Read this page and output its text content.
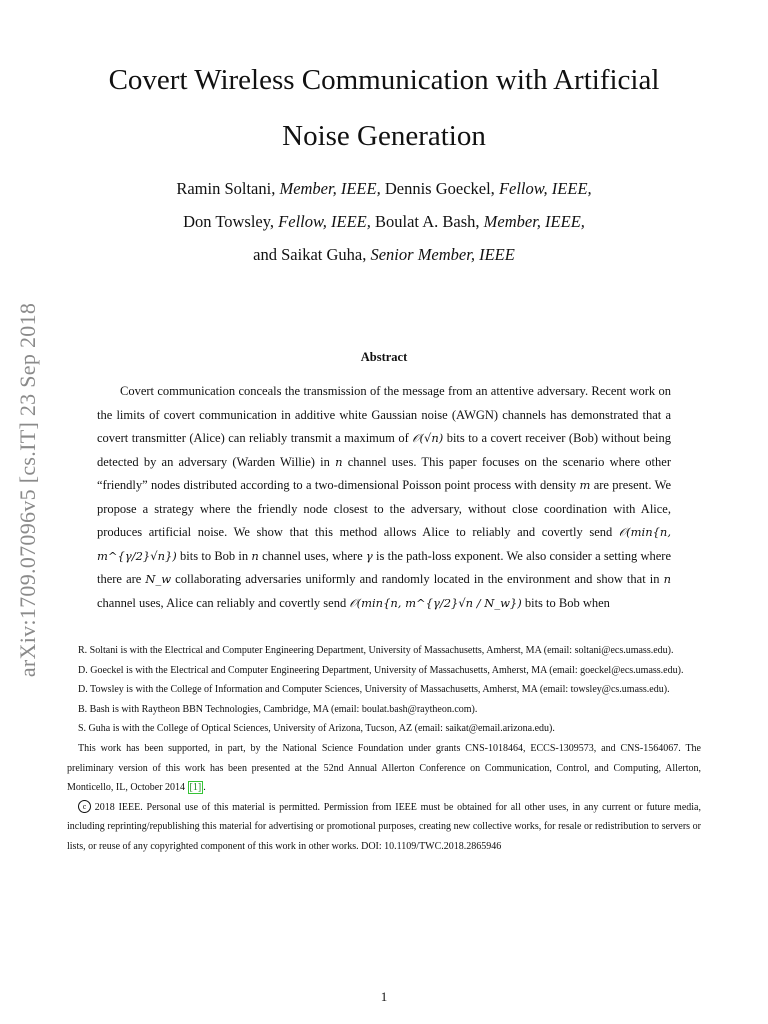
arXiv:1709.07096v5 [cs.IT] 23 Sep 2018
Covert Wireless Communication with Artificial
Noise Generation
Ramin Soltani, Member, IEEE, Dennis Goeckel, Fellow, IEEE,
Don Towsley, Fellow, IEEE, Boulat A. Bash, Member, IEEE,
and Saikat Guha, Senior Member, IEEE
Abstract
Covert communication conceals the transmission of the message from an attentive adversary. Recent work on the limits of covert communication in additive white Gaussian noise (AWGN) channels has demonstrated that a covert transmitter (Alice) can reliably transmit a maximum of 𝒪(√n) bits to a covert receiver (Bob) without being detected by an adversary (Warden Willie) in n channel uses. This paper focuses on the scenario where other “friendly” nodes distributed according to a two-dimensional Poisson point process with density m are present. We propose a strategy where the friendly node closest to the adversary, without close coordination with Alice, produces artificial noise. We show that this method allows Alice to reliably and covertly send 𝒪(min{n, m^{γ/2}√n}) bits to Bob in n channel uses, where γ is the path-loss exponent. We also consider a setting where there are N_w collaborating adversaries uniformly and randomly located in the environment and show that in n channel uses, Alice can reliably and covertly send 𝒪(min{n, m^{γ/2}√n / N_w}) bits to Bob when

R. Soltani is with the Electrical and Computer Engineering Department, University of Massachusetts, Amherst, MA (email: soltani@ecs.umass.edu).

D. Goeckel is with the Electrical and Computer Engineering Department, University of Massachusetts, Amherst, MA (email: goeckel@ecs.umass.edu).

D. Towsley is with the College of Information and Computer Sciences, University of Massachusetts, Amherst, MA (email: towsley@cs.umass.edu).

B. Bash is with Raytheon BBN Technologies, Cambridge, MA (email: boulat.bash@raytheon.com).

S. Guha is with the College of Optical Sciences, University of Arizona, Tucson, AZ (email: saikat@email.arizona.edu).

This work has been supported, in part, by the National Science Foundation under grants CNS-1018464, ECCS-1309573, and CNS-1564067. The preliminary version of this work has been presented at the 52nd Annual Allerton Conference on Communication, Control, and Computing, Allerton, Monticello, IL, October 2014 [1] .

c 2018 IEEE. Personal use of this material is permitted. Permission from IEEE must be obtained for all other uses, in any current or future media, including reprinting/republishing this material for advertising or promotional purposes, creating new collective works, for resale or redistribution to servers or lists, or reuse of any copyrighted component of this work in other works. DOI: 10.1109/TWC.2018.2865946

1
